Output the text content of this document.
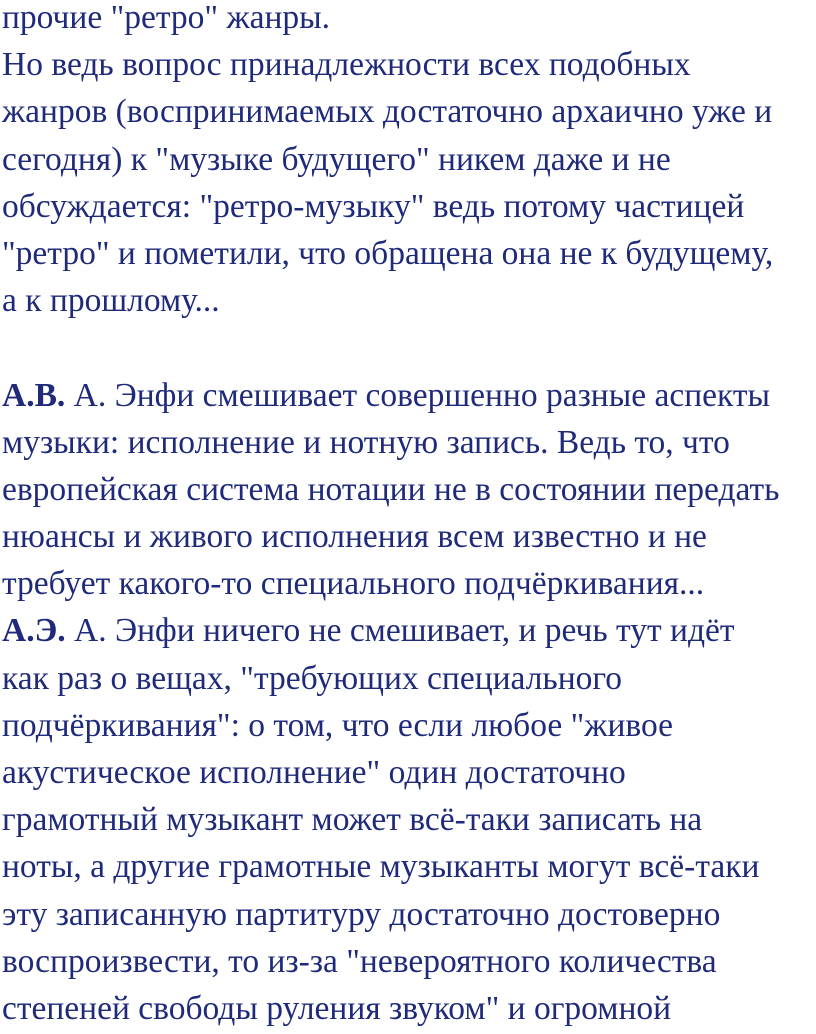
прочие "ретро" жанры.
Но ведь вопрос принадлежности всех подобных
жанров (воспринимаемых достаточно архаично уже и
сегодня) к "музыке будущего" никем даже и не
обсуждается: "ретро-музыку" ведь потому частицей
"ретро" и пометили, что обращена она не к будущему,
а к прошлому...
А.В. А. Энфи смешивает совершенно разные аспекты
музыки: исполнение и нотную запись. Ведь то, что
европейская система нотации не в состоянии передать
нюансы и живого исполнения всем известно и не
требует какого-то специального подчёркивания...
А.Э. А. Энфи ничего не смешивает, и речь тут идёт
как раз о вещах, "требующих специального
подчёркивания": о том, что если любое "живое
акустическое исполнение" один достаточно
грамотный музыкант может всё-таки записать на
ноты, а другие грамотные музыканты могут всё-таки
эту записанную партитуру достаточно достоверно
воспроизвести, то из-за "невероятного количества
степеней свободы руления звуком" и огромной
